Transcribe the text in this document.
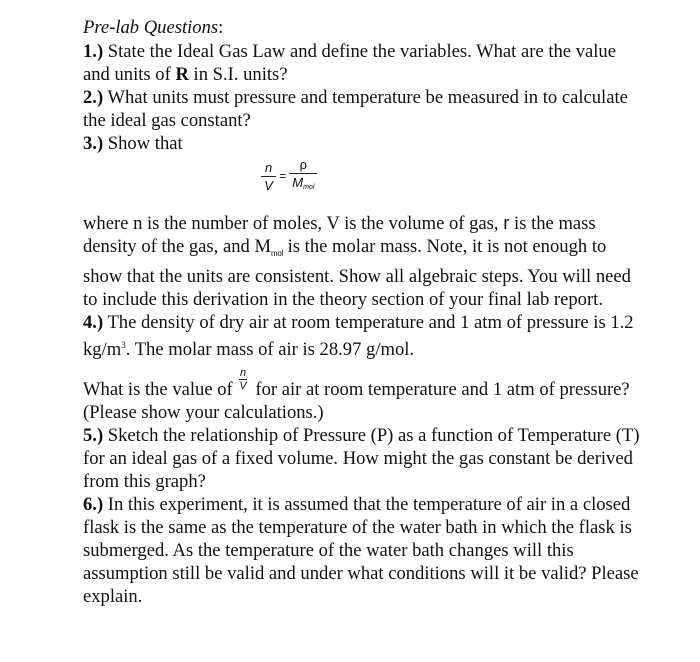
Pre-lab Questions:

1.) State the Ideal Gas Law and define the variables. What are the value and units of R in S.I. units?

2.) What units must pressure and temperature be measured in to calculate the ideal gas constant?

3.) Show that

$\frac{n}{V} = \frac{\rho}{\text{Mmol}}$

where n is the number of moles, V is the volume of gas, r is the mass density of the gas, and $M_{mol}$ is the molar mass. Note, it is not enough to show that the units are consistent. Show all algebraic steps. You will need to include this derivation in the theory section of your final lab report.

4.) The density of dry air at room temperature and 1 atm of pressure is 1.2 $kg/m^3$. The molar mass of air is 28.97 g/mol.

What is the value of $\frac{n}{V}$ for air at room temperature and 1 atm of pressure? (Please show your calculations.)

5.) Sketch the relationship of Pressure (P) as a function of Temperature (T) for an ideal gas of a fixed volume. How might the gas constant be derived from this graph?

6.) In this experiment, it is assumed that the temperature of air in a closed flask is the same as the temperature of the water bath in which the flask is submerged. As the temperature of the water bath changes will this assumption still be valid and under what conditions will it be valid? Please explain.
